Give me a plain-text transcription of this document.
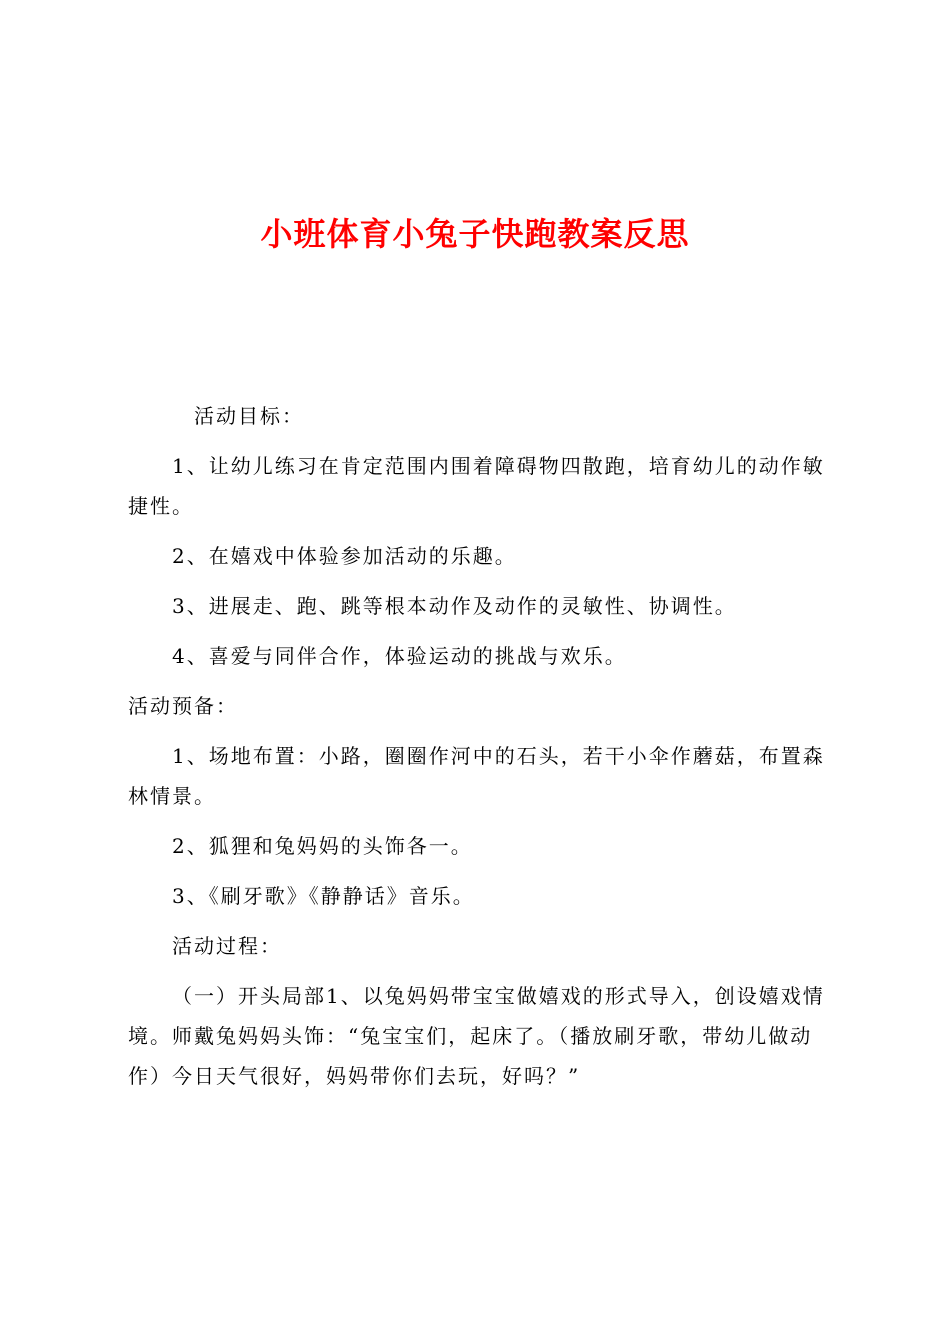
小班体育小兔子快跑教案反思

活动目标：

1、让幼儿练习在肯定范围内围着障碍物四散跑，培育幼儿的动作敏捷性。

2、在嬉戏中体验参加活动的乐趣。

3、进展走、跑、跳等根本动作及动作的灵敏性、协调性。

4、喜爱与同伴合作，体验运动的挑战与欢乐。

活动预备：

1、场地布置：小路，圈圈作河中的石头，若干小伞作蘑菇，布置森林情景。

2、狐狸和兔妈妈的头饰各一。

3、《刷牙歌》《静静话》音乐。

活动过程：

（一）开头局部1、以兔妈妈带宝宝做嬉戏的形式导入，创设嬉戏情境。师戴兔妈妈头饰：“兔宝宝们，起床了。（播放刷牙歌，带幼儿做动作）今日天气很好，妈妈带你们去玩，好吗？”
